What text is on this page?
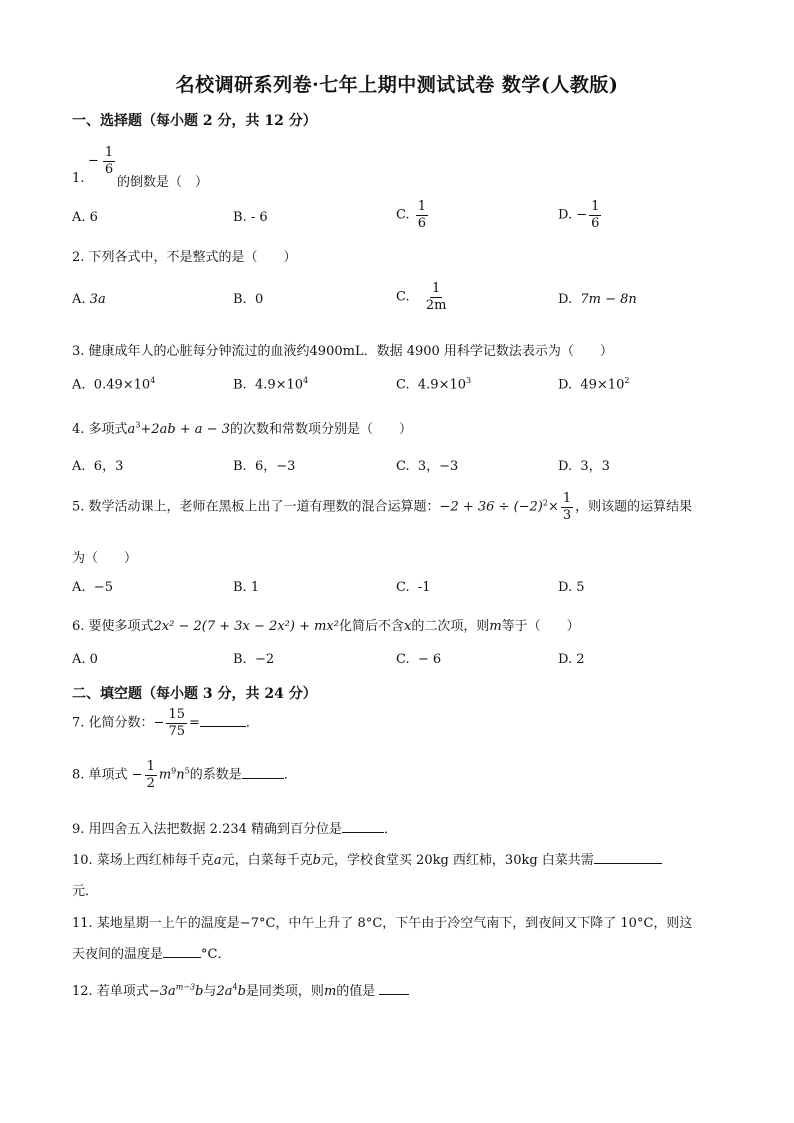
名校调研系列卷·七年上期中测试试卷 数学(人教版)
一、选择题（每小题 2 分，共 12 分）
− $\frac{1}{6}$
1.	的倒数是（　）
A. 6	B. - 6	C. $\frac{1}{6}$	D. − $\frac{1}{6}$
2. 下列各式中，不是整式的是（　　）
A. 3a	B. 0	C. $\frac{1}{2m}$	D. 7m − 8n
3. 健康成年人的心脏每分钟流过的血液约4900mL．数据 4900 用科学记数法表示为（　　）
A. $0.49\times 10^4$	B. $4.9\times 10^4$	C. $4.9\times 10^3$	D. $49\times 10^2$
4. 多项式$a^3+2ab + a - 3$的次数和常数项分别是（　　）
A. 6，3	B. 6，−3	C. 3，−3	D. 3，3
5. 数学活动课上，老师在黑板上出了一道有理数的混合运算题：$-2 + 36 \div (-2)^2\times \frac{1}{3}$ ，则该题的运算结果
为（　　）
A. −5	B. 1	C. -1	D. 5
6. 要使多项式2x² − 2(7 + 3x − 2x²) + mx²化简后不含x的二次项，则m等于（　　）
A. 0	B. −2	C. − 6	D. 2
二、填空题（每小题 3 分，共 24 分）
7. 化简分数：− $\frac{15}{75}$ =	．
8. 单项式 − $\frac{1}{2} m^9n^5$的系数是	．
9. 用四舍五入法把数据 2.234 精确到百分位是	．
10. 菜场上西红柿每千克a元，白菜每千克b元，学校食堂买 20kg 西红柿，30kg 白菜共需
元．
11. 某地星期一上午的温度是−7°C，中午上升了 8°C，下午由于冷空气南下，到夜间又下降了 10°C，则这
天夜间的温度是	°C．
12. 若单项式$-3a^{m-3}b$与$2a^4b$是同类项，则m的值是
